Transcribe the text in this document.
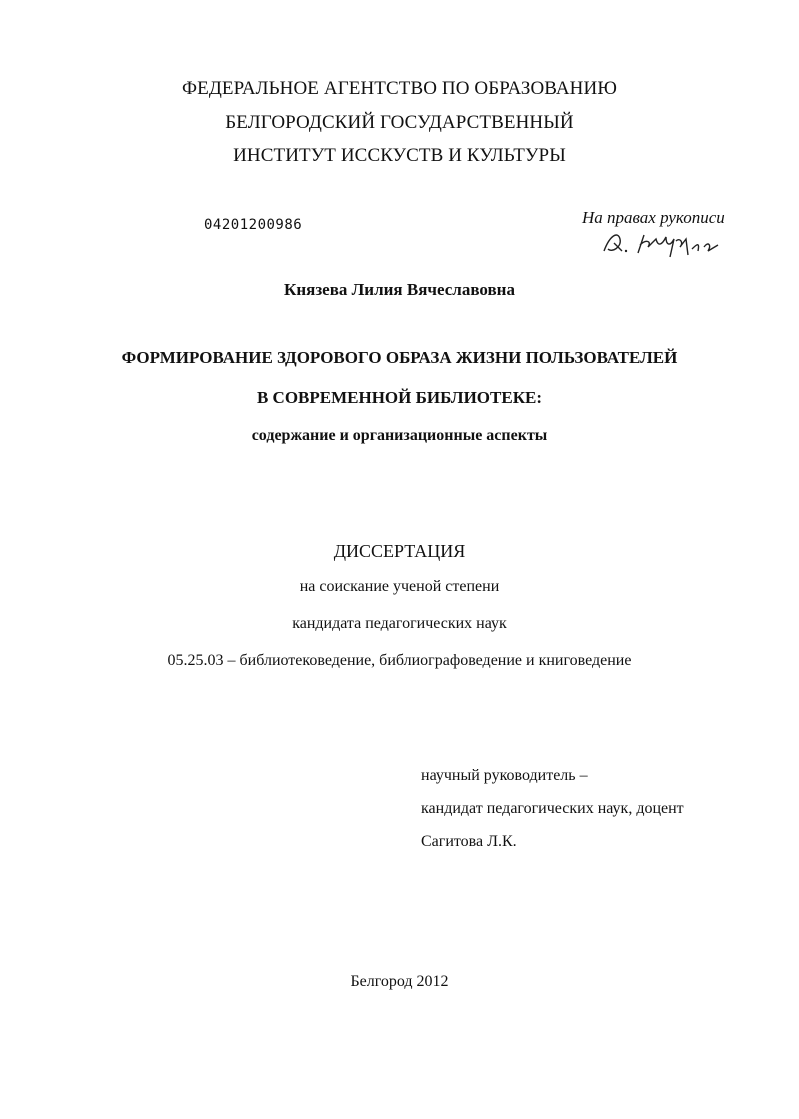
ФЕДЕРАЛЬНОЕ АГЕНТСТВО ПО ОБРАЗОВАНИЮ
БЕЛГОРОДСКИЙ ГОСУДАРСТВЕННЫЙ
ИНСТИТУТ ИССКУСТВ И КУЛЬТУРЫ
04201200986	На правах рукописи
Князева Лилия Вячеславовна
ФОРМИРОВАНИЕ ЗДОРОВОГО ОБРАЗА ЖИЗНИ ПОЛЬЗОВАТЕЛЕЙ
В СОВРЕМЕННОЙ БИБЛИОТЕКЕ:
содержание и организационные аспекты
ДИССЕРТАЦИЯ
на соискание ученой степени
кандидата педагогических наук
05.25.03 – библиотековедение, библиографоведение и книговедение
научный руководитель –
кандидат педагогических наук, доцент
Сагитова Л.К.
Белгород 2012
